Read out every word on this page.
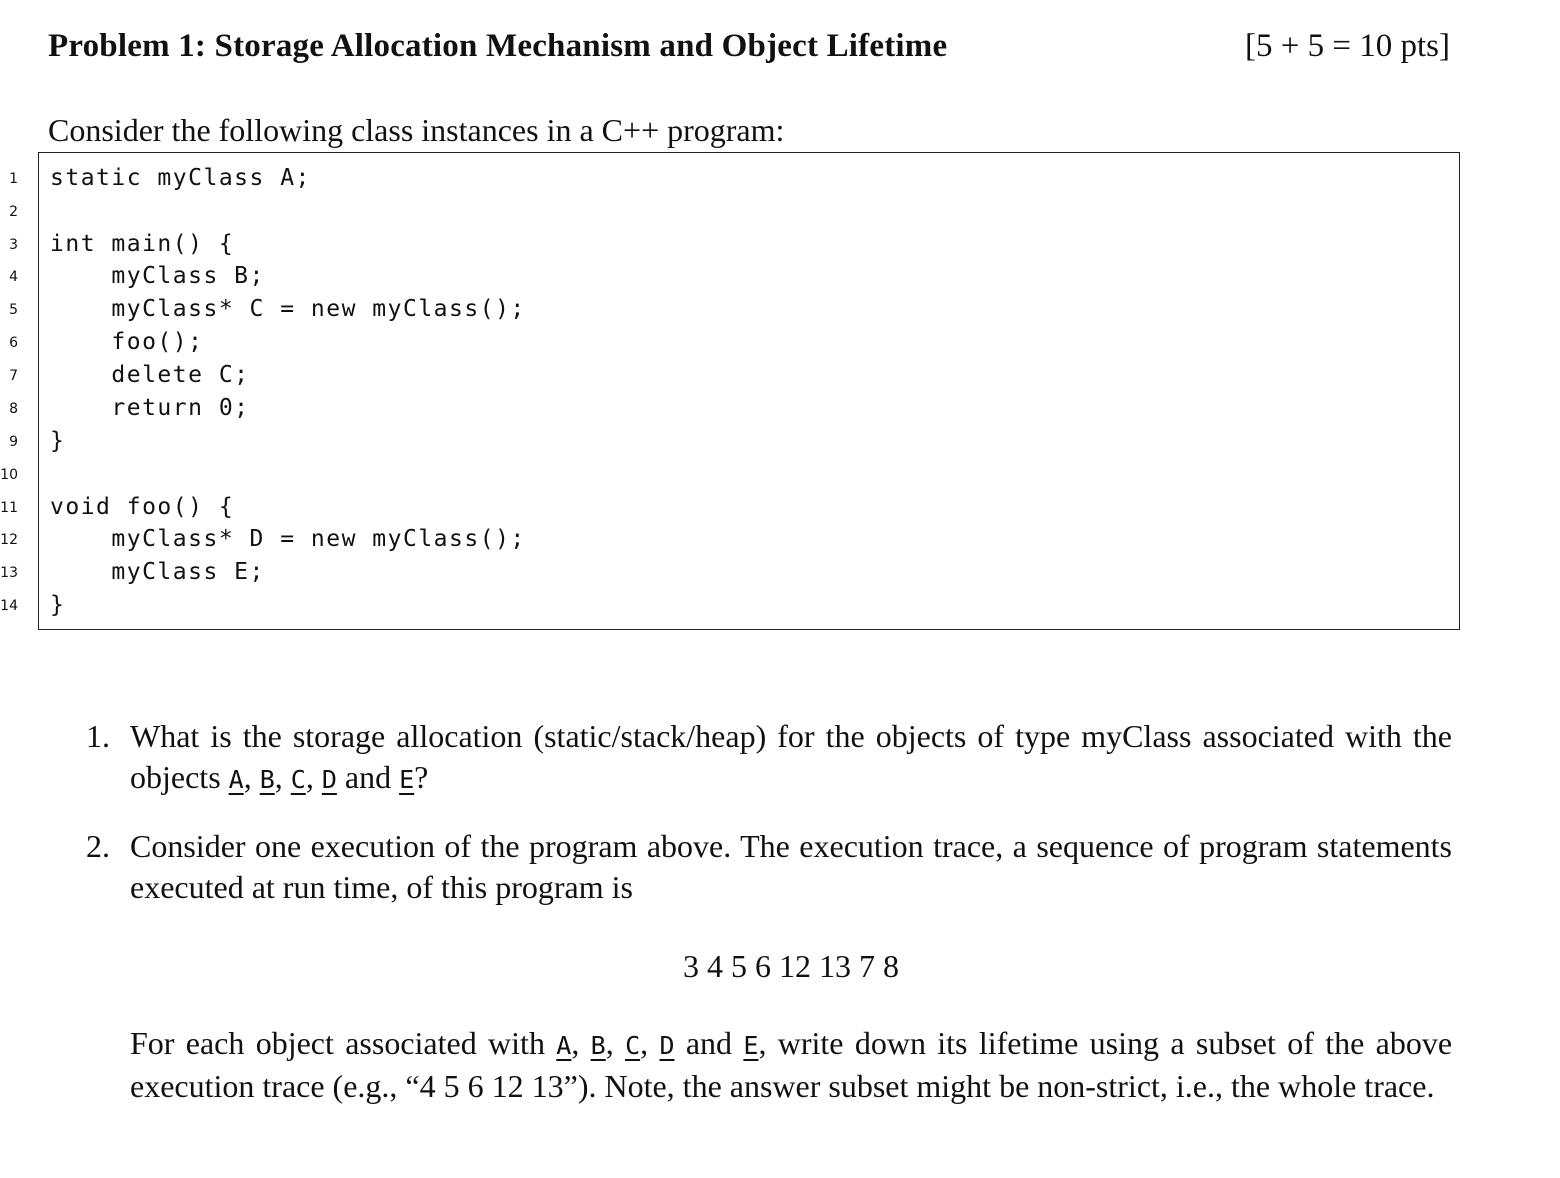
Problem 1: Storage Allocation Mechanism and Object Lifetime	[5 + 5 = 10 pts]
Consider the following class instances in a C++ program:
1
2
3
4
5
6
7
8
9
10
11
12
13
14
static myClass A;
int main() {
myClass B;
myClass* C = new myClass();
foo();
delete C;
return 0;
}
void foo() {
myClass* D = new myClass();
myClass E;
}
1. What is the storage allocation (static/stack/heap) for the objects of type myClass associated with the objects A, B, C, D and E?
2. Consider one execution of the program above. The execution trace, a sequence of program statements executed at run time, of this program is
3 4 5 6 12 13 7 8
For each object associated with A, B, C, D and E, write down its lifetime using a subset of the above execution trace (e.g., “4 5 6 12 13”). Note, the answer subset might be non-strict, i.e., the whole trace.
